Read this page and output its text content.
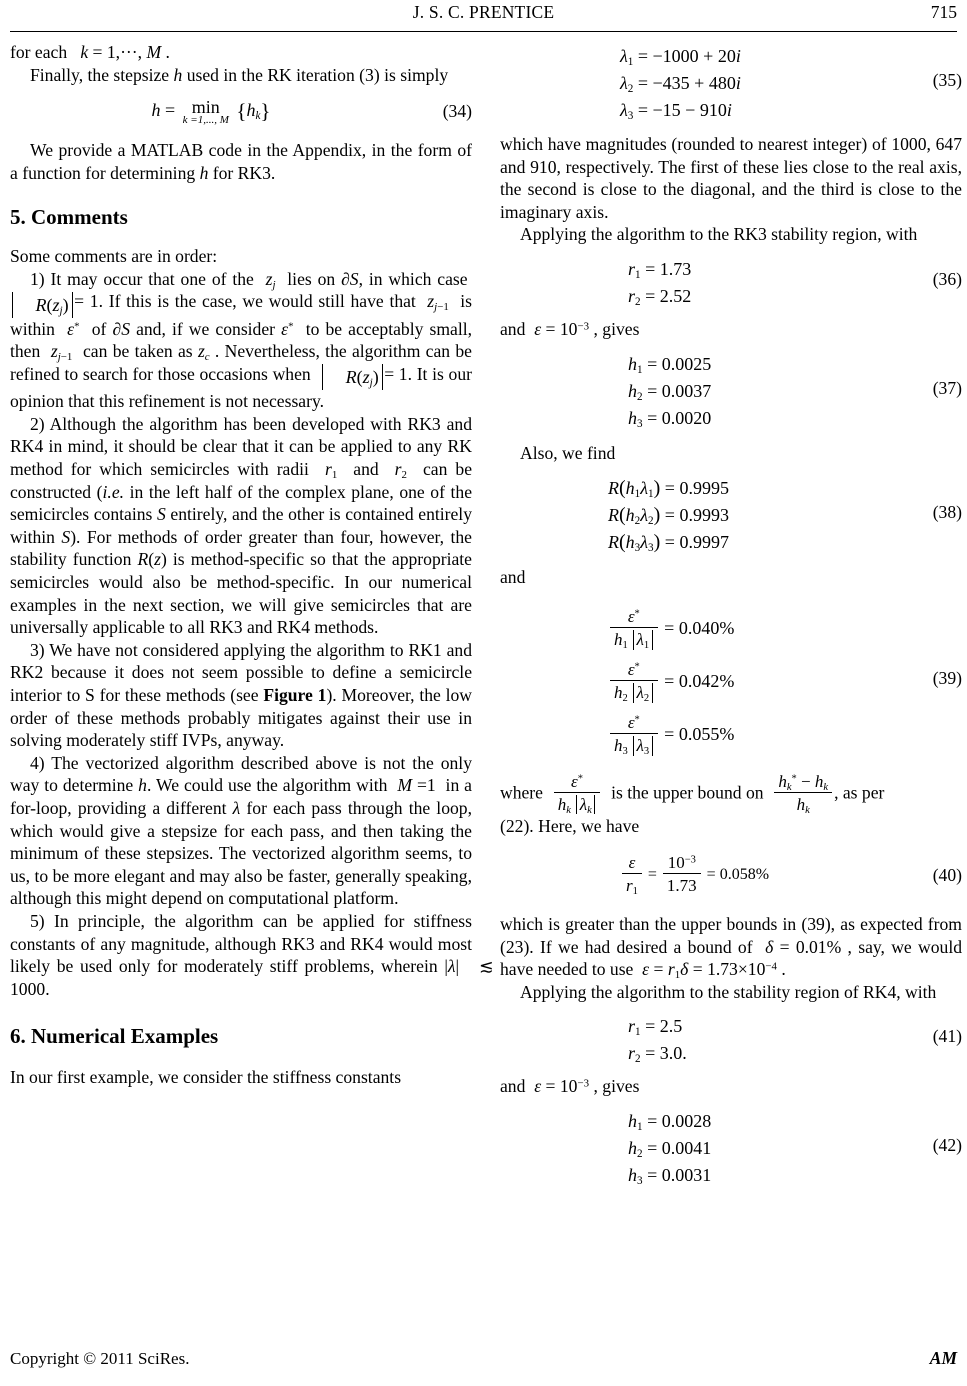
J. S. C. PRENTICE	715

for each k = 1,···, M .

Finally, the stepsize h used in the RK iteration (3) is simply

h = min
k =1,..., M $\{h_k\}$	(34)

We provide a MATLAB code in the Appendix, in the form of a function for determining h for RK3.

5. Comments

Some comments are in order:

1) It may occur that one of the  $z_j$  lies on ∂S, in which case  $R(z_j) = 1$. If this is the case, we would still have that  $z_{j-1}$  is within  ε*  of ∂S and, if we consider ε*  to be acceptably small, then  $z_{j-1}$  can be taken as $z_c$ . Nevertheless, the algorithm can be refined to search for those occasions when  $R(z_j) = 1$. It is our opinion that this refinement is not necessary.

2) Although the algorithm has been developed with RK3 and RK4 in mind, it should be clear that it can be applied to any RK method for which semicircles with radii  $r_1$  and  $r_2$  can be constructed (i.e. in the left half of the complex plane, one of the semicircles contains S entirely, and the other is contained entirely within S). For methods of order greater than four, however, the stability function R(z) is method-specific so that the appropriate semicircles would also be method-specific. In our numerical examples in the next section, we will give semicircles that are universally applicable to all RK3 and RK4 methods.

3) We have not considered applying the algorithm to RK1 and RK2 because it does not seem possible to define a semicircle interior to S for these methods (see Figure 1). Moreover, the low order of these methods probably mitigates against their use in solving moderately stiff IVPs, anyway.

4) The vectorized algorithm described above is not the only way to determine h. We could use the algorithm with  M =1  in a for-loop, providing a different λ for each pass through the loop, which would give a stepsize for each pass, and then taking the minimum of these stepsizes. The vectorized algorithm seems, to us, to be more elegant and may also be faster, generally speaking, although this might depend on computational platform.

5) In principle, the algorithm can be applied for stiffness constants of any magnitude, although RK3 and RK4 would most likely be used only for moderately stiff problems, wherein |λ| ≲1000.

6. Numerical Examples

In our first example, we consider the stiffness constants

$\lambda_1 = -1000 + 20i$
$\lambda_2 = -435 + 480i$
$\lambda_3 = -15 - 910i$
(35)

which have magnitudes (rounded to nearest integer) of 1000, 647 and 910, respectively. The first of these lies close to the real axis, the second is close to the diagonal, and the third is close to the imaginary axis.

Applying the algorithm to the RK3 stability region, with

$r_1 = 1.73$
$r_2 = 2.52$
(36)

and  $\varepsilon = 10^{-3}$ , gives

$h_1 = 0.0025$
$h_2 = 0.0037$
$h_3 = 0.0020$
(37)

Also, we find

$R(h_1\lambda_1) = 0.9995$
$R(h_2\lambda_2) = 0.9993$
$R(h_3\lambda_3) = 0.9997$
(38)

and

$\frac{\varepsilon^*}{h_1 \lambda_1} = 0.040\%$
$\frac{\varepsilon^*}{h_2 \lambda_2} = 0.042\%$
$\frac{\varepsilon^*}{h_3 \lambda_3} = 0.055\%$
(39)

where $\frac{\varepsilon^*}{h_k \lambda_k}$ is the upper bound on $\frac{h_k^* - h_k}{h_k}$ , as per

(22). Here, we have

$\frac{\varepsilon}{r_1} = \frac{10^{-3}}{1.73} = 0.058\%$	(40)

which is greater than the upper bounds in (39), as expected from (23). If we had desired a bound of  δ = 0.01% , say, we would have needed to use  $\varepsilon = r_1\delta = 1.73\times 10^{-4}$ .

Applying the algorithm to the stability region of RK4, with

$r_1 = 2.5$
$r_2 = 3.0$.
(41)

and  $\varepsilon = 10^{-3}$ , gives

$h_1 = 0.0028$
$h_2 = 0.0041$
$h_3 = 0.0031$
(42)
Copyright © 2011 SciRes.	AM
